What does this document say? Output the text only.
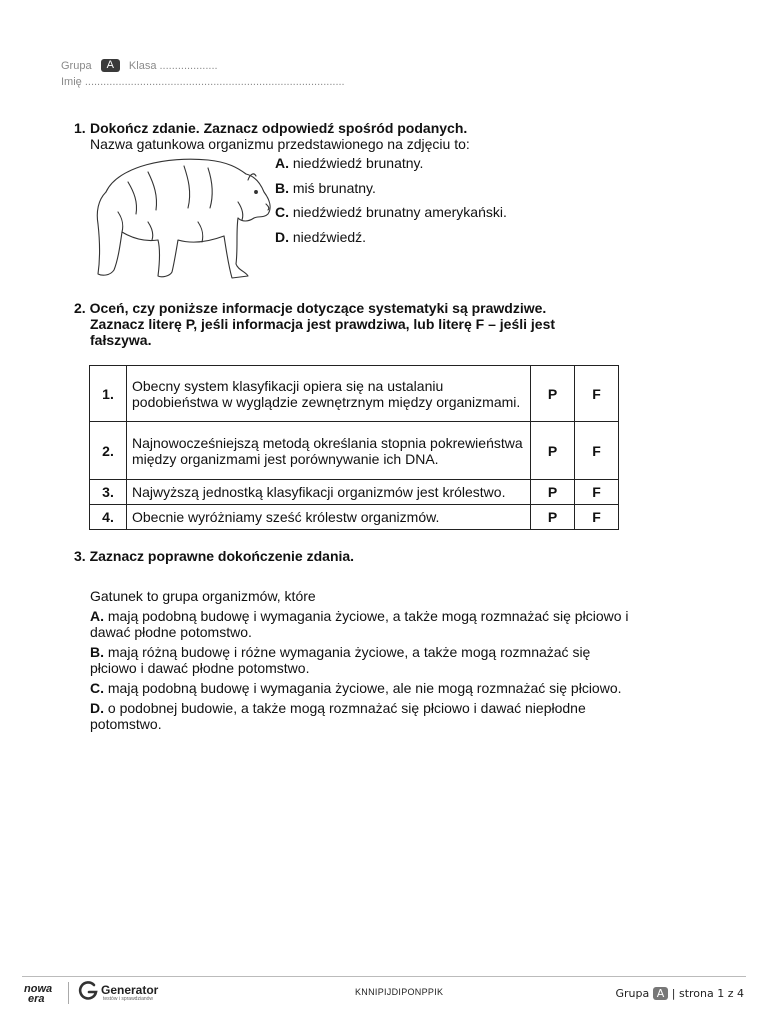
Grupa	A	Klasa ...................
Imię .....................................................................................
1. Dokończ zdanie. Zaznacz odpowiedź spośród podanych.
Nazwa gatunkowa organizmu przedstawionego na zdjęciu to:
A. niedźwiedź brunatny.
B. miś brunatny.
C. niedźwiedź brunatny amerykański.
D. niedźwiedź.
2. Oceń, czy poniższe informacje dotyczące systematyki są prawdziwe.
Zaznacz literę P, jeśli informacja jest prawdziwa, lub literę F – jeśli jest
fałszywa.
1.	Obecny system klasyfikacji opiera się na ustalaniu podobieństwa w wyglądzie zewnętrznym między organizmami.	P	F
2.	Najnowocześniejszą metodą określania stopnia pokrewieństwa między organizmami jest porównywanie ich DNA.	P	F
3.	Najwyższą jednostką klasyfikacji organizmów jest królestwo.	P	F
4.	Obecnie wyróżniamy sześć królestw organizmów.	P	F
3. Zaznacz poprawne dokończenie zdania.
Gatunek to grupa organizmów, które
A. mają podobną budowę i wymagania życiowe, a także mogą rozmnażać się płciowo i dawać płodne potomstwo.
B. mają różną budowę i różne wymagania życiowe, a także mogą rozmnażać się płciowo i dawać płodne potomstwo.
C. mają podobną budowę i wymagania życiowe, ale nie mogą rozmnażać się płciowo.
D. o podobnej budowie, a także mogą rozmnażać się płciowo i dawać niepłodne potomstwo.
nowa
era
Generator
testów i sprawdzianów
KNNIPIJDIPONPPIK	Grupa A | strona 1 z 4
